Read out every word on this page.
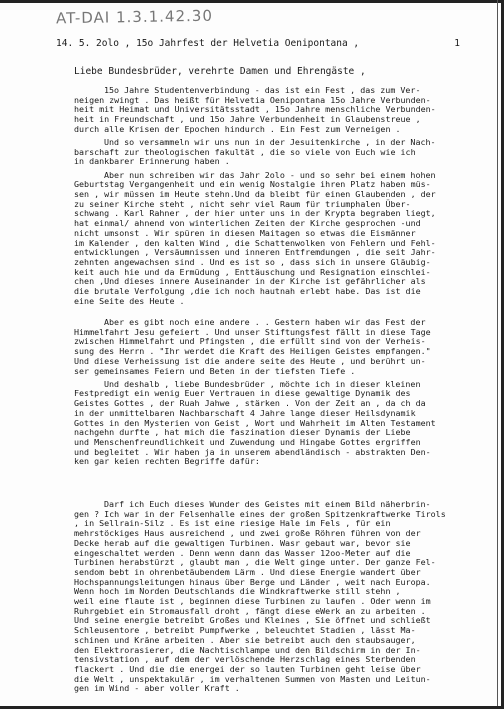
AT-DAI 1.3.1.42.30
14. 5. 2olo , 15o Jahrfest der Helvetia Oenipontana ,	1
Liebe Bundesbrüder, verehrte Damen und Ehrengäste ,
15o Jahre Studentenverbindung - das ist ein Fest , das zum Ver-
neigen zwingt . Das heißt für Helvetia Oenipontana 15o Jahre Verbunden-
heit mit Heimat und Universitätsstadt , 15o Jahre menschliche Verbunden-
heit in Freundschaft , und 15o Jahre Verbundenheit in Glaubenstreue ,
durch alle Krisen der Epochen hindurch . Ein Fest zum Verneigen .
Und so versammeln wir uns nun in der Jesuitenkirche , in der Nach-
barschaft zur theologischen fakultät , die so viele von Euch wie ich
in dankbarer Erinnerung haben .
Aber nun schreiben wir das Jahr 2olo - und so sehr bei einem hohen
Geburtstag Vergangenheit und ein wenig Nostalgie ihren Platz haben müs-
sen , wir müssen im Heute stehn.Und da bleibt für einen Glaubenden , der
zu seiner Kirche steht , nicht sehr viel Raum für triumphalen Über-
schwang . Karl Rahner , der hier unter uns in der Krypta begraben liegt,
hat einmal/ ahnend von winterlichen Zeiten der Kirche gesprochen -und
nicht umsonst . Wir spüren in diesen Maitagen so etwas die Eismänner
im Kalender , den kalten Wind , die Schattenwolken von Fehlern und Fehl-
entwicklungen , Versäumnissen und inneren Entfremdungen , die seit Jahr-
zehnten angewachsen sind . Und es ist so , dass sich in unsere Gläubig-
keit auch hie und da Ermüdung , Enttäuschung und Resignation einschlei-
chen ,Und dieses innere Auseinander in der Kirche ist gefährlicher als
die brutale Verfolgung ,die ich noch hautnah erlebt habe. Das ist die
eine Seite des Heute .
Aber es gibt noch eine andere . . Gestern haben wir das Fest der
Himmelfahrt Jesu gefeiert . Und unser Stiftungsfest fällt in diese Tage
zwischen Himmelfahrt und Pfingsten , die erfüllt sind von der Verheis-
sung des Herrn . "Ihr werdet die Kraft des Heiligen Geistes empfangen."
Und diese Verheissung ist die andere seite des Heute , und berührt un-
ser gemeinsames Feiern und Beten in der tiefsten Tiefe .
Und deshalb , liebe Bundesbrüder , möchte ich in dieser kleinen
Festpredigt ein wenig Euer Vertrauen in diese gewaltige Dynamik des
Geistes Gottes , der Ruah Jahwe , stärken . Von der Zeit an , da ch da
in der unmittelbaren Nachbarschaft 4 Jahre lange dieser Heilsdynamik
Gottes in den Mysterien von Geist , Wort und Wahrheit im Alten Testament
nachgehn durfte , hat mich die faszination dieser Dynamis der Liebe
und Menschenfreundlichkeit und Zuwendung und Hingabe Gottes ergriffen
und begleitet . Wir haben ja in unserem abendländisch - abstrakten Den-
ken gar keien rechten Begriffe dafür:
Darf ich Euch dieses Wunder des Geistes mit einem Bild näherbrin-
gen ? Ich war in der Felsenhalle eines der großen Spitzenkraftwerke Tirols
, in Sellrain-Silz . Es ist eine riesige Hale im Fels , für ein
mehrstöckiges Haus ausreichend , und zwei große Röhren führen von der
Decke herab auf die gewaltigen Turbinen. Wasr gebaut war, bevor sie
eingeschaltet werden . Denn wenn dann das Wasser 12oo-Meter auf die
Turbinen herabstürzt , glaubt man , die Welt ginge unter. Der ganze Fel-
sendom bebt in ohrenbetäubendem Lärm . Und diese Energie wandert über
Hochspannungsleitungen hinaus über Berge und Länder , weit nach Europa.
Wenn hoch im Norden Deutschlands die Windkraftwerke still stehn ,
weil eine flaute ist , beginnen diese Turbinen zu laufen . Oder wenn im
Ruhrgebiet ein Stromausfall droht , fängt diese eWerk an zu arbeiten .
Und seine energie betreibt Großes und Kleines , Sie öffnet und schließt
Schleusentore , betreibt Pumpfwerke , beleuchtet Stadien , lässt Ma-
schinen und Kräne arbeiten . Aber sie betreibt auch den staubsauger,
den Elektrorasierer, die Nachtischlampe und den Bildschirm in der In-
tensivstation , auf dem der verlöschende Herzschlag eines Sterbenden
flackert . Und die die energei der so lauten Turbinen geht leise über
die Welt , unspektakulär , im verhaltenen Summen von Masten und Leitun-
gen im Wind - aber voller Kraft .
